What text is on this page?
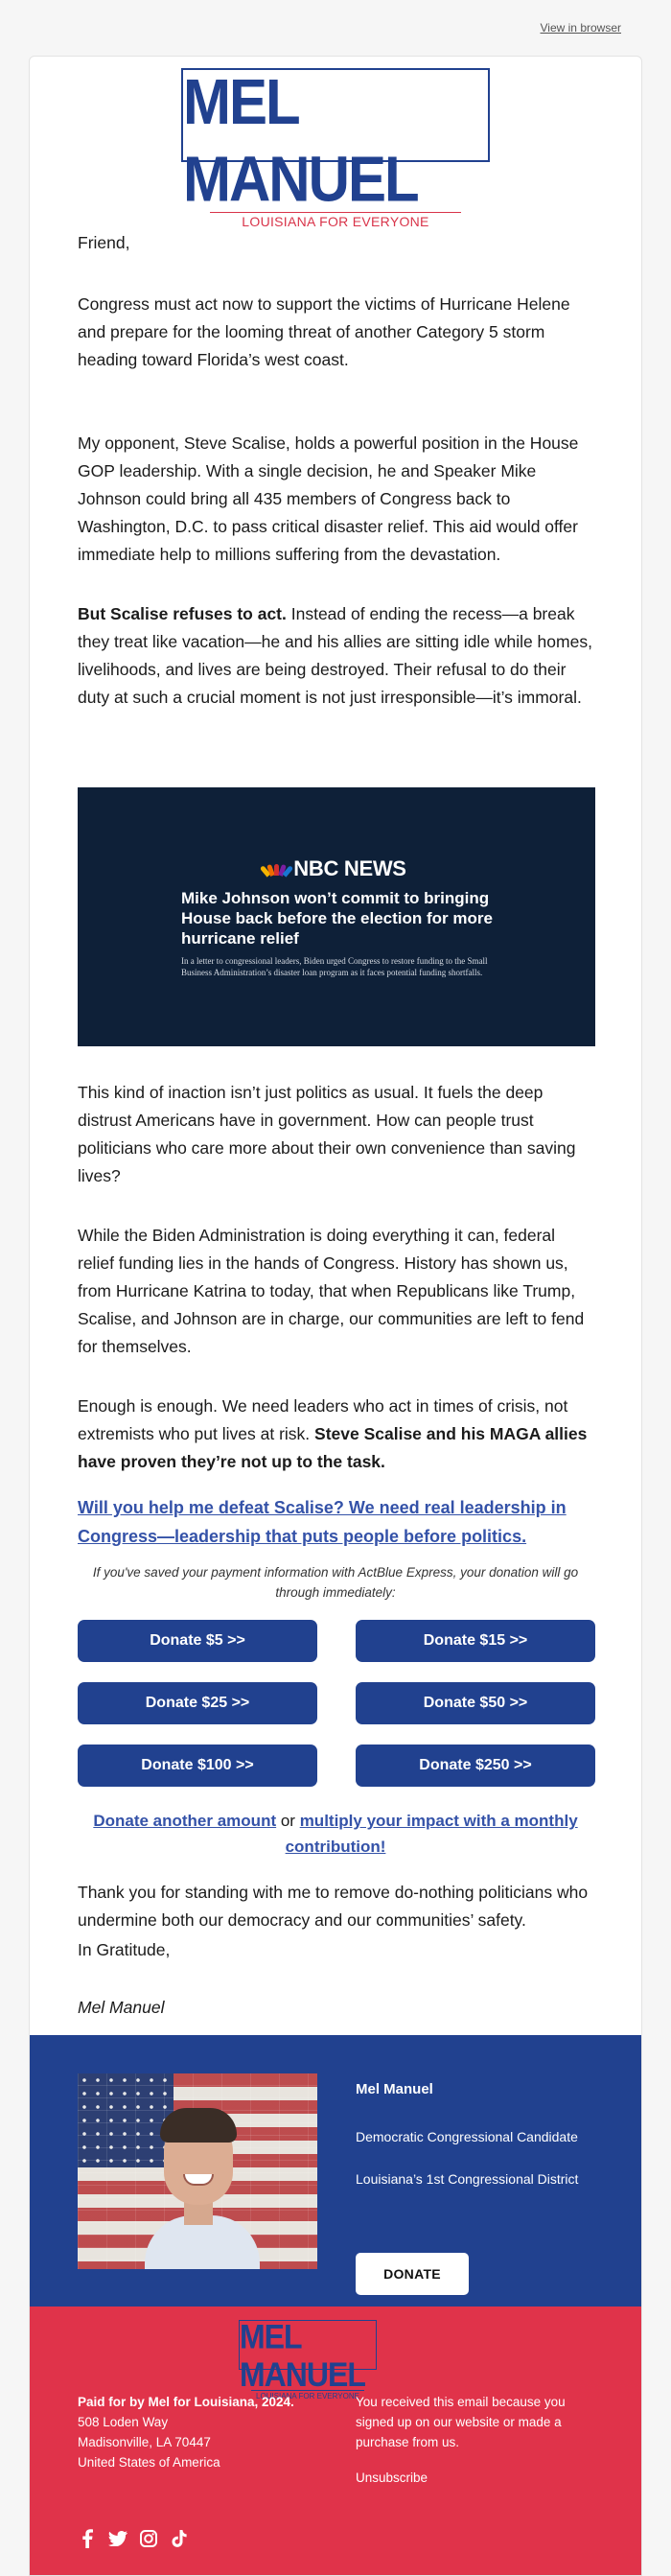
View in browser
MEL MANUEL
LOUISIANA FOR EVERYONE
Friend,
Congress must act now to support the victims of Hurricane Helene and prepare for the looming threat of another Category 5 storm heading toward Florida’s west coast.
My opponent, Steve Scalise, holds a powerful position in the House GOP leadership. With a single decision, he and Speaker Mike Johnson could bring all 435 members of Congress back to Washington, D.C. to pass critical disaster relief. This aid would offer immediate help to millions suffering from the devastation.
But Scalise refuses to act. Instead of ending the recess—a break they treat like vacation—he and his allies are sitting idle while homes, livelihoods, and lives are being destroyed. Their refusal to do their duty at such a crucial moment is not just irresponsible—it’s immoral.
NBC NEWS
Mike Johnson won’t commit to bringing House back before the election for more hurricane relief
In a letter to congressional leaders, Biden urged Congress to restore funding to the Small Business Administration’s disaster loan program as it faces potential funding shortfalls.
This kind of inaction isn’t just politics as usual. It fuels the deep distrust Americans have in government. How can people trust politicians who care more about their own convenience than saving lives?
While the Biden Administration is doing everything it can, federal relief funding lies in the hands of Congress. History has shown us, from Hurricane Katrina to today, that when Republicans like Trump, Scalise, and Johnson are in charge, our communities are left to fend for themselves.
Enough is enough. We need leaders who act in times of crisis, not extremists who put lives at risk. Steve Scalise and his MAGA allies have proven they’re not up to the task.
Will you help me defeat Scalise? We need real leadership in Congress—leadership that puts people before politics.
If you've saved your payment information with ActBlue Express, your donation will go through immediately:
Donate $5 >>	Donate $15 >>
Donate $25 >>	Donate $50 >>
Donate $100 >>	Donate $250 >>
Donate another amount or multiply your impact with a monthly contribution!
Thank you for standing with me to remove do-nothing politicians who undermine both our democracy and our communities’ safety.
In Gratitude,
Mel Manuel
Mel Manuel
Democratic Congressional Candidate
Louisiana’s 1st Congressional District
DONATE
MEL MANUEL
LOUISIANA FOR EVERYONE
Paid for by Mel for Louisiana, 2024.
508 Loden Way
Madisonville, LA 70447
United States of America
You received this email because you signed up on our website or made a purchase from us.
Unsubscribe
